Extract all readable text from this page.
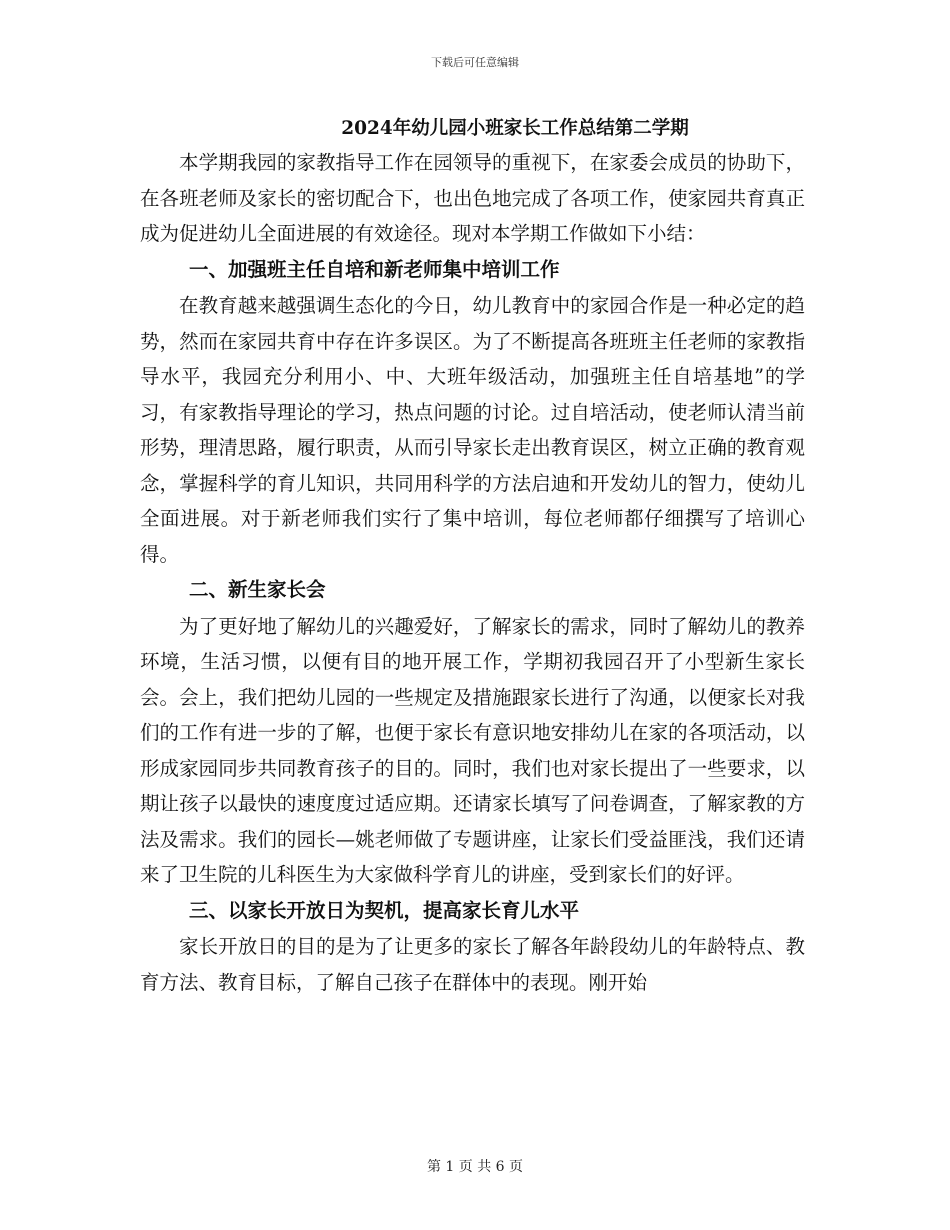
下载后可任意编辑
2024年幼儿园小班家长工作总结第二学期

本学期我园的家教指导工作在园领导的重视下，在家委会成员的协助下，在各班老师及家长的密切配合下，也出色地完成了各项工作，使家园共育真正成为促进幼儿全面进展的有效途径。现对本学期工作做如下小结：

一、加强班主任自培和新老师集中培训工作

在教育越来越强调生态化的今日，幼儿教育中的家园合作是一种必定的趋势，然而在家园共育中存在许多误区。为了不断提高各班班主任老师的家教指导水平，我园充分利用小、中、大班年级活动，加强班主任自培基地”的学习，有家教指导理论的学习，热点问题的讨论。过自培活动，使老师认清当前形势，理清思路，履行职责，从而引导家长走出教育误区，树立正确的教育观念，掌握科学的育儿知识，共同用科学的方法启迪和开发幼儿的智力，使幼儿全面进展。对于新老师我们实行了集中培训，每位老师都仔细撰写了培训心得。

二、新生家长会

为了更好地了解幼儿的兴趣爱好，了解家长的需求，同时了解幼儿的教养环境，生活习惯，以便有目的地开展工作，学期初我园召开了小型新生家长会。会上，我们把幼儿园的一些规定及措施跟家长进行了沟通，以便家长对我们的工作有进一步的了解，也便于家长有意识地安排幼儿在家的各项活动，以形成家园同步共同教育孩子的目的。同时，我们也对家长提出了一些要求，以期让孩子以最快的速度度过适应期。还请家长填写了问卷调查，了解家教的方法及需求。我们的园长—姚老师做了专题讲座，让家长们受益匪浅，我们还请来了卫生院的儿科医生为大家做科学育儿的讲座，受到家长们的好评。

三、以家长开放日为契机，提高家长育儿水平

家长开放日的目的是为了让更多的家长了解各年龄段幼儿的年龄特点、教育方法、教育目标，了解自己孩子在群体中的表现。刚开始

第 1 页 共 6 页
